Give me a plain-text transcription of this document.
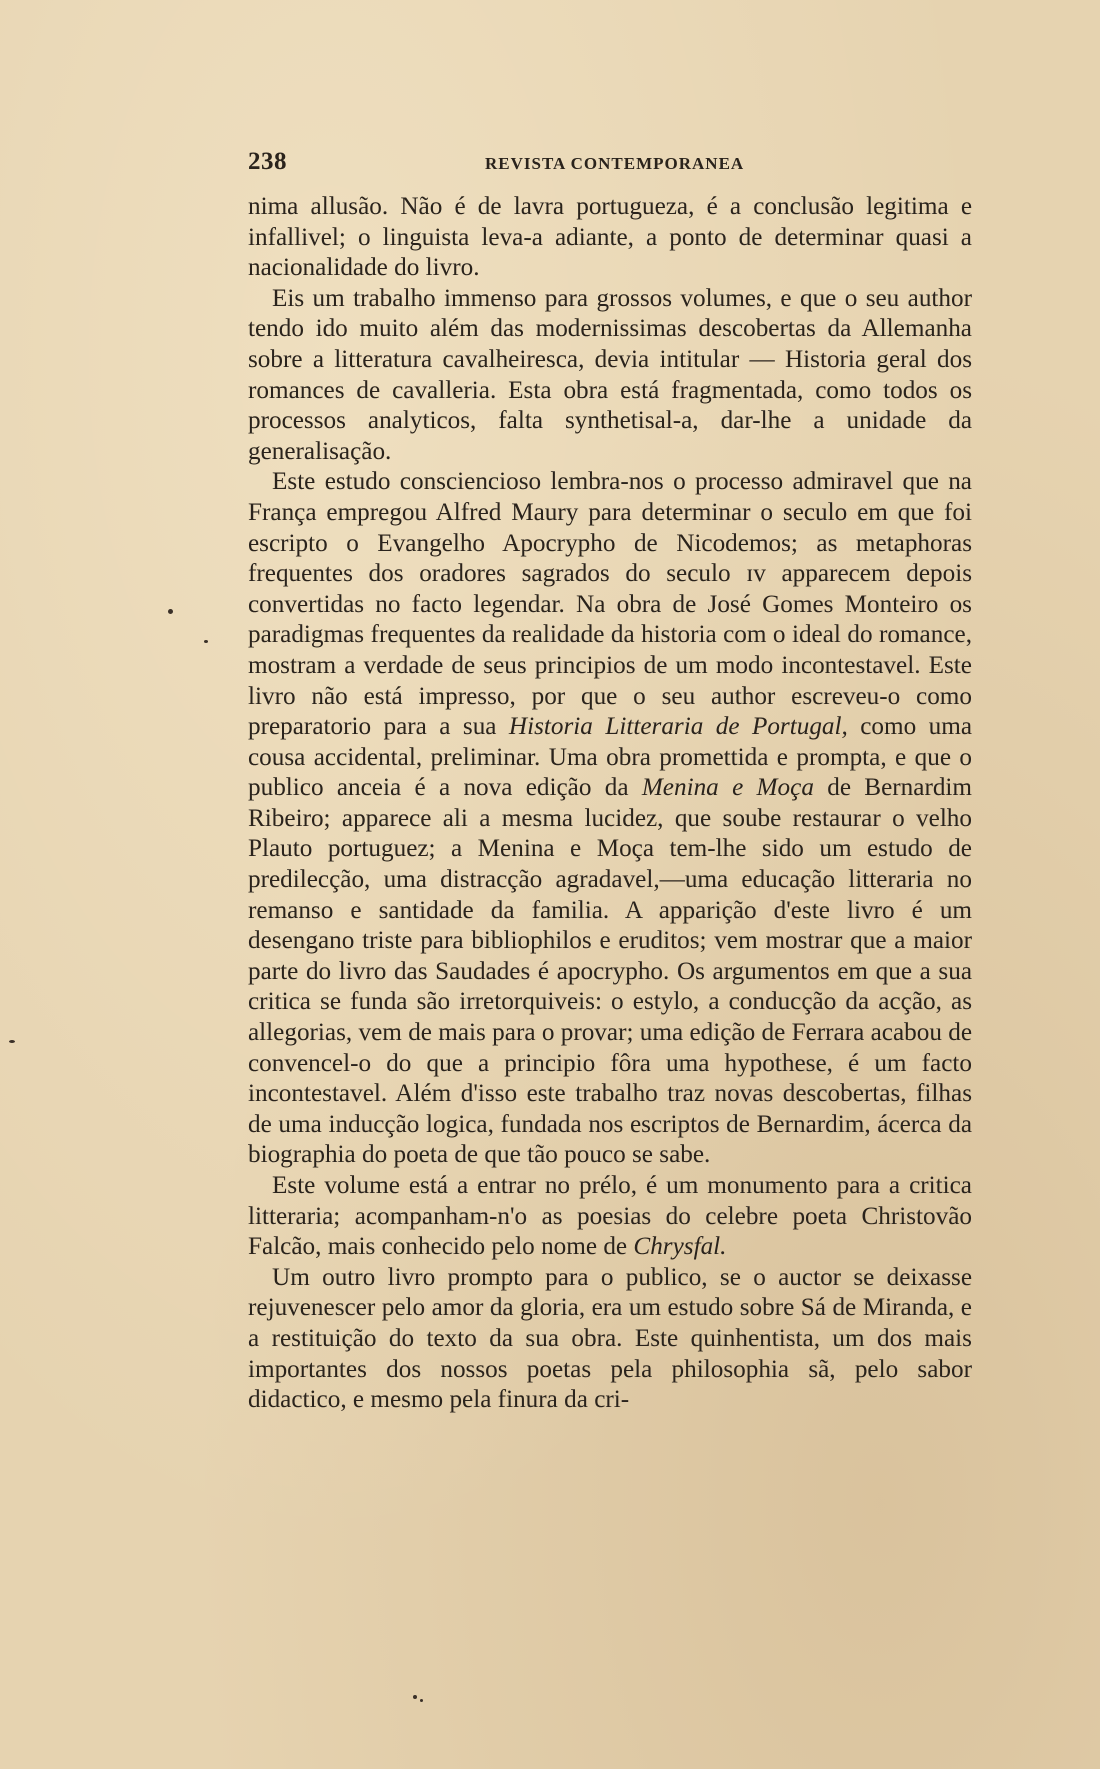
238	REVISTA CONTEMPORANEA

nima allusão. Não é de lavra portugueza, é a conclusão legitima e infallivel; o linguista leva-a adiante, a ponto de determinar quasi a nacionalidade do livro.

Eis um trabalho immenso para grossos volumes, e que o seu author tendo ido muito além das modernissimas descobertas da Allemanha sobre a litteratura cavalheiresca, devia intitular — Historia geral dos romances de cavalleria. Esta obra está fragmentada, como todos os processos analyticos, falta synthetisal-a, dar-lhe a unidade da generalisação.

Este estudo consciencioso lembra-nos o processo admiravel que na França empregou Alfred Maury para determinar o seculo em que foi escripto o Evangelho Apocrypho de Nicodemos; as metaphoras frequentes dos oradores sagrados do seculo ɪᴠ apparecem depois convertidas no facto legendar. Na obra de José Gomes Monteiro os paradigmas frequentes da realidade da historia com o ideal do romance, mostram a verdade de seus principios de um modo incontestavel. Este livro não está impresso, por que o seu author escreveu-o como preparatorio para a sua Historia Litteraria de Portugal, como uma cousa accidental, preliminar. Uma obra promettida e prompta, e que o publico anceia é a nova edição da Menina e Moça de Bernardim Ribeiro; apparece ali a mesma lucidez, que soube restaurar o velho Plauto portuguez; a Menina e Moça tem-lhe sido um estudo de predilecção, uma distracção agradavel,—uma educação litteraria no remanso e santidade da familia. A apparição d'este livro é um desengano triste para bibliophilos e eruditos; vem mostrar que a maior parte do livro das Saudades é apocrypho. Os argumentos em que a sua critica se funda são irretorquiveis: o estylo, a conducção da acção, as allegorias, vem de mais para o provar; uma edição de Ferrara acabou de convencel-o do que a principio fôra uma hypothese, é um facto incontestavel. Além d'isso este trabalho traz novas descobertas, filhas de uma inducção logica, fundada nos escriptos de Bernardim, ácerca da biographia do poeta de que tão pouco se sabe.

Este volume está a entrar no prélo, é um monumento para a critica litteraria; acompanham-n'o as poesias do celebre poeta Christovão Falcão, mais conhecido pelo nome de Chrysfal.

Um outro livro prompto para o publico, se o auctor se deixasse rejuvenescer pelo amor da gloria, era um estudo sobre Sá de Miranda, e a restituição do texto da sua obra. Este quinhentista, um dos mais importantes dos nossos poetas pela philosophia sã, pelo sabor didactico, e mesmo pela finura da cri-
